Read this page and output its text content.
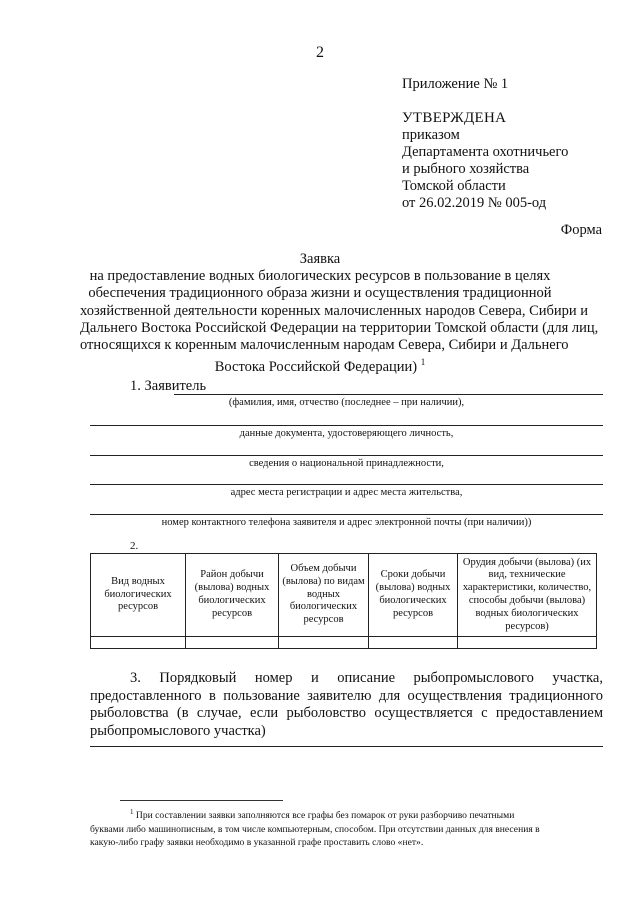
2
Приложение № 1
УТВЕРЖДЕНА
приказом
Департамента охотничьего
и рыбного хозяйства
Томской области
от 26.02.2019 № 005-од
Форма
Заявка
на предоставление водных биологических ресурсов в пользование в целях
обеспечения традиционного образа жизни и осуществления традиционной
хозяйственной деятельности коренных малочисленных народов Севера, Сибири и
Дальнего Востока Российской Федерации на территории Томской области (для лиц,
относящихся к коренным малочисленным народам Севера, Сибири и Дальнего
Востока Российской Федерации) $^1$
1. Заявитель
(фамилия, имя, отчество (последнее – при наличии),
данные документа, удостоверяющего личность,
сведения о национальной принадлежности,
адрес места регистрации и адрес места жительства,
номер контактного телефона заявителя и адрес электронной почты (при наличии))
2.
Вид водных биологических ресурсов	Район добычи (вылова) водных биологических ресурсов	Объем добычи (вылова) по видам водных биологических ресурсов	Сроки добычи (вылова) водных биологических ресурсов	Орудия добычи (вылова) (их вид, технические характеристики, количество, способы добычи (вылова) водных биологических ресурсов)

3. Порядковый номер и описание рыбопромыслового участка, предоставленного в пользование заявителю для осуществления традиционного рыболовства (в случае, если рыболовство осуществляется с предоставлением рыбопромыслового участка)
$^1$ При составлении заявки заполняются все графы без помарок от руки разборчиво печатными
буквами либо машинописным, в том числе компьютерным, способом. При отсутствии данных для внесения в
какую-либо графу заявки необходимо в указанной графе проставить слово «нет».
